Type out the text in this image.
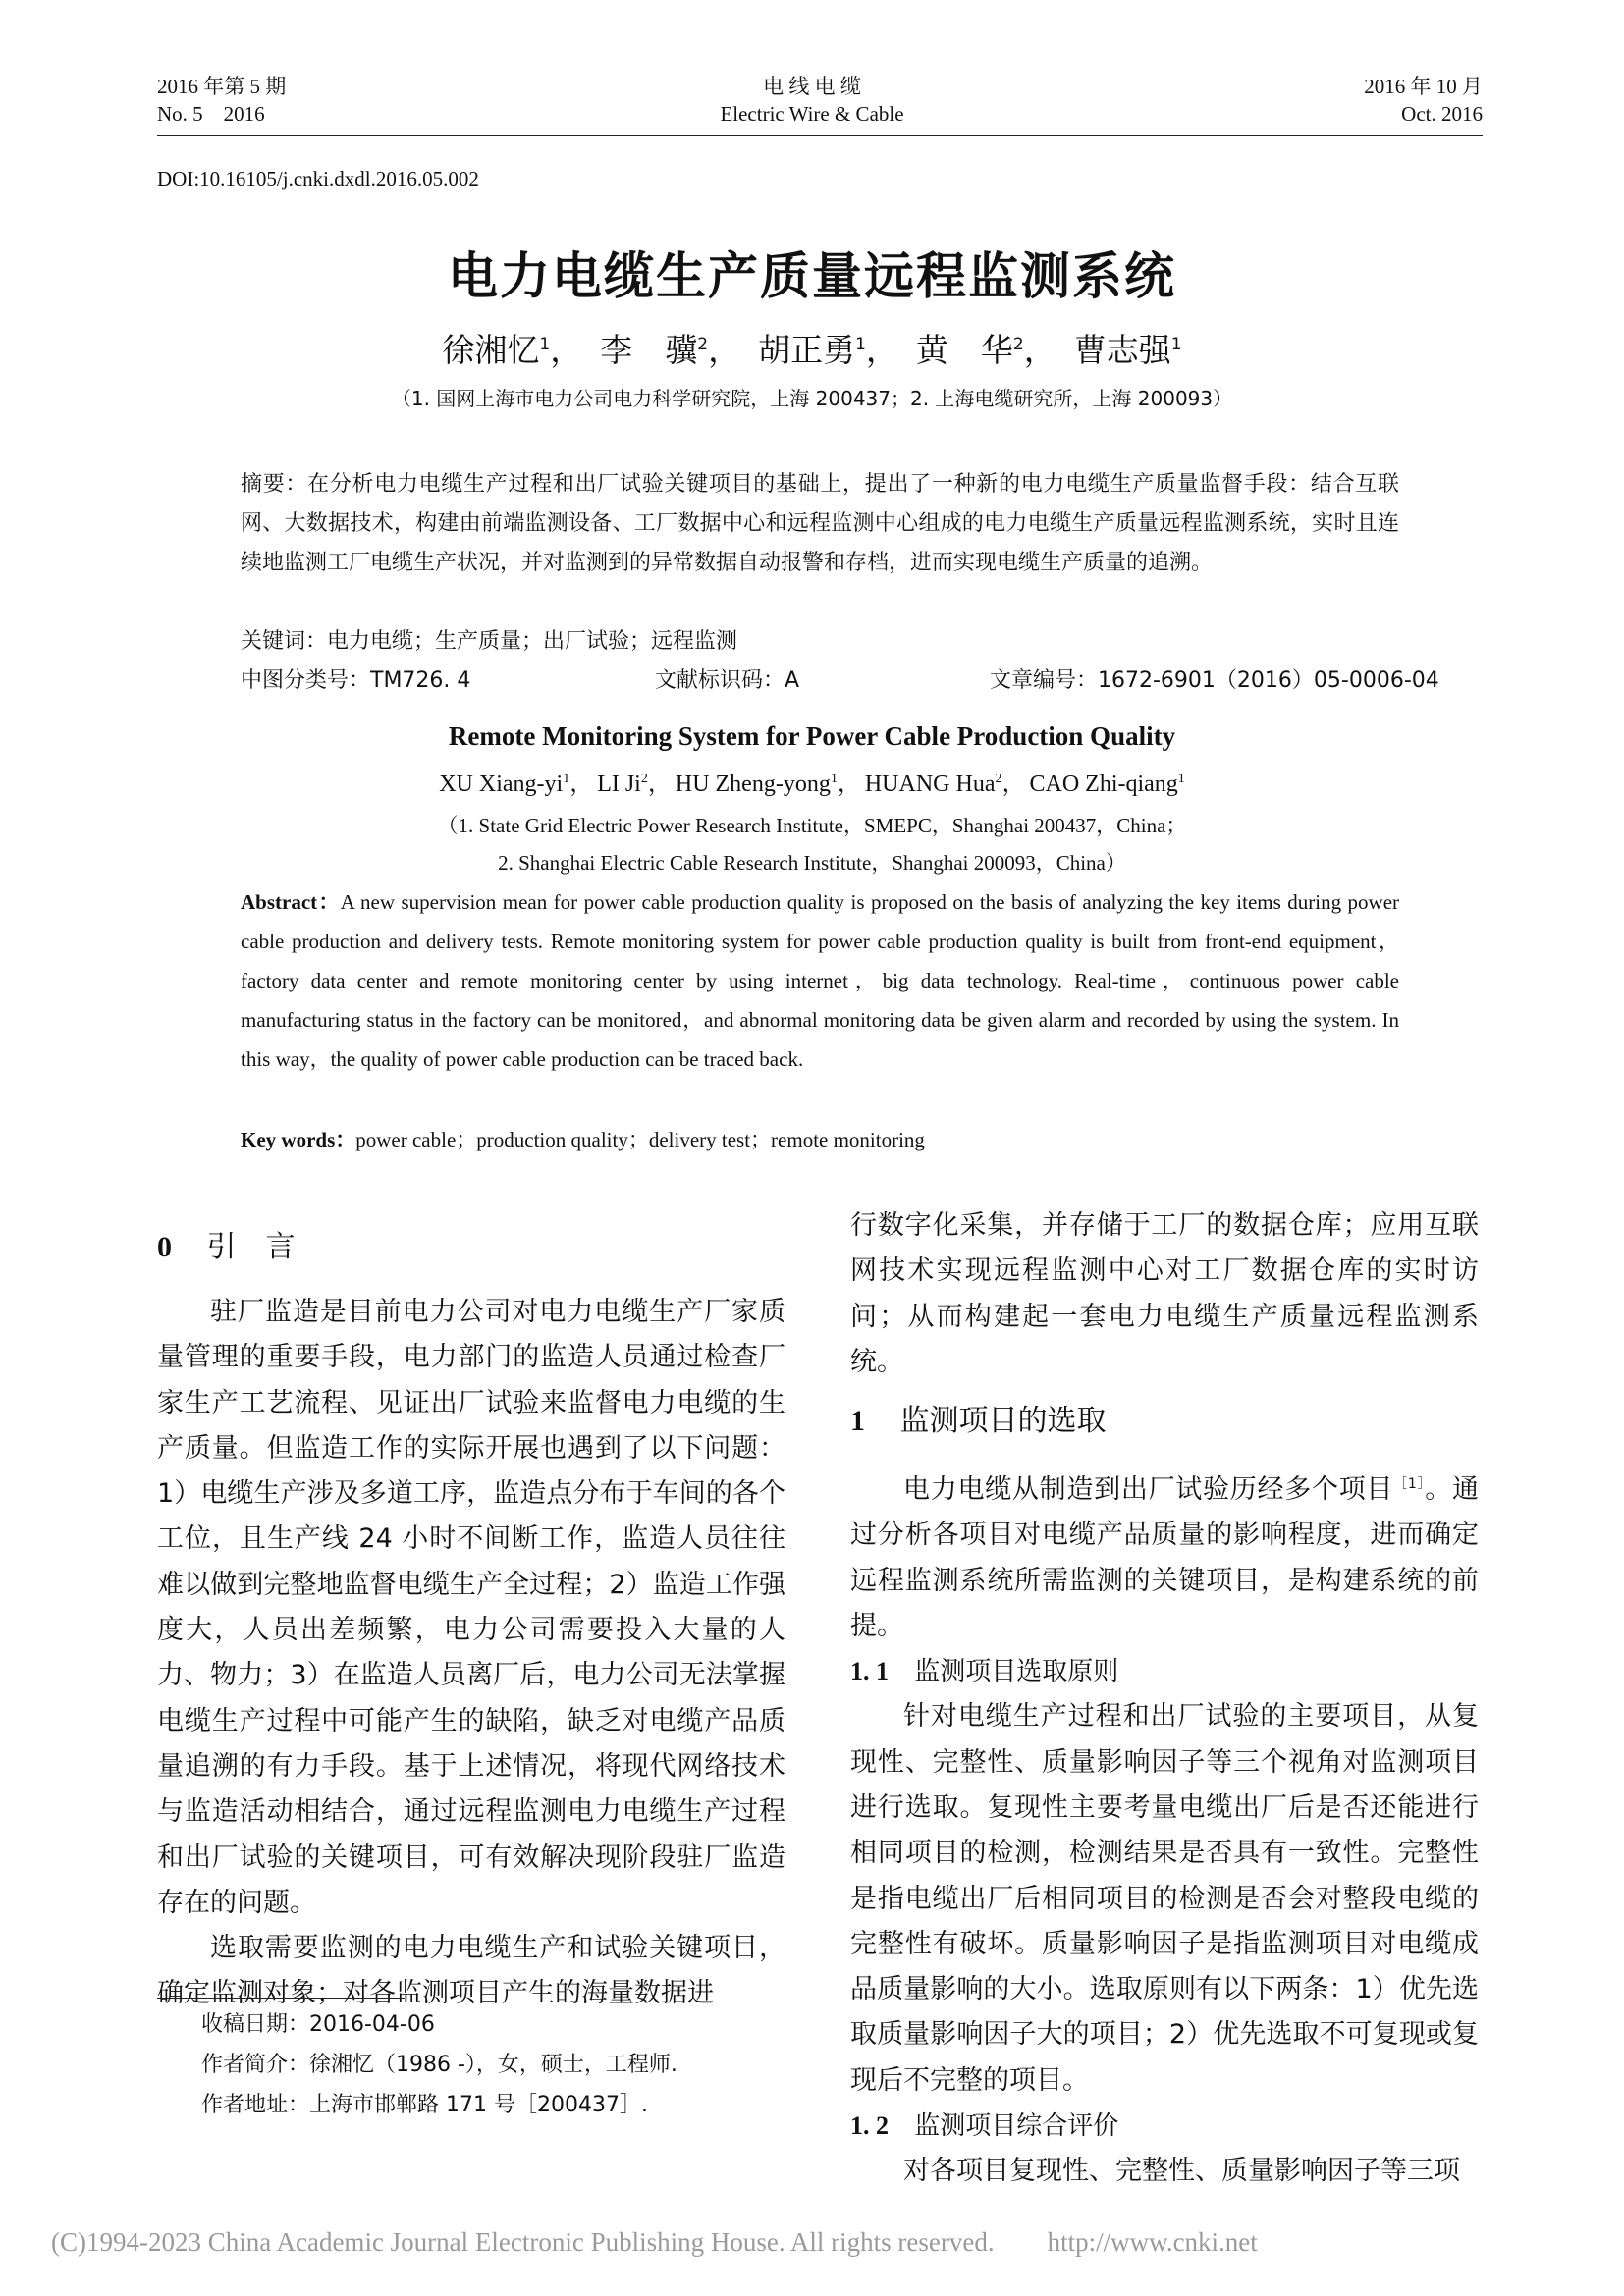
2016 年第 5 期
No. 5　2016
电 线 电 缆
Electric Wire & Cable
2016 年 10 月
Oct. 2016
DOI:10.16105/j.cnki.dxdl.2016.05.002
电力电缆生产质量远程监测系统
徐湘忆$^1$， 李　骥$^2$， 胡正勇$^1$， 黄　华$^2$， 曹志强$^1$
（1. 国网上海市电力公司电力科学研究院，上海 200437；2. 上海电缆研究所，上海 200093）
摘要：在分析电力电缆生产过程和出厂试验关键项目的基础上，提出了一种新的电力电缆生产质量监督手段：结合互联网、大数据技术，构建由前端监测设备、工厂数据中心和远程监测中心组成的电力电缆生产质量远程监测系统，实时且连续地监测工厂电缆生产状况，并对监测到的异常数据自动报警和存档，进而实现电缆生产质量的追溯。
关键词：电力电缆；生产质量；出厂试验；远程监测
中图分类号：TM726. 4	文献标识码：A	文章编号：1672-6901（2016）05-0006-04
Remote Monitoring System for Power Cable Production Quality
XU Xiang-$yi^1$， LI Ji$^2$， HU Zheng-yong$^1$， HUANG Hua$^2$， CAO Zhi-qiang$^1$
（1. State Grid Electric Power Research Institute，SMEPC，Shanghai 200437，China；
2. Shanghai Electric Cable Research Institute，Shanghai 200093，China）
Abstract：A new supervision mean for power cable production quality is proposed on the basis of analyzing the key items during power cable production and delivery tests. Remote monitoring system for power cable production quality is built from front-end equipment，factory data center and remote monitoring center by using internet，big data technology. Real-time，continuous power cable manufacturing status in the factory can be monitored，and abnormal monitoring data be given alarm and recorded by using the system. In this way，the quality of power cable production can be traced back.
Key words：power cable；production quality；delivery test；remote monitoring
0 引　言

驻厂监造是目前电力公司对电力电缆生产厂家质量管理的重要手段，电力部门的监造人员通过检查厂家生产工艺流程、见证出厂试验来监督电力电缆的生产质量。但监造工作的实际开展也遇到了以下问题：1）电缆生产涉及多道工序，监造点分布于车间的各个工位，且生产线 24 小时不间断工作，监造人员往往难以做到完整地监督电缆生产全过程；2）监造工作强度大，人员出差频繁，电力公司需要投入大量的人力、物力；3）在监造人员离厂后，电力公司无法掌握电缆生产过程中可能产生的缺陷，缺乏对电缆产品质量追溯的有力手段。基于上述情况，将现代网络技术与监造活动相结合，通过远程监测电力电缆生产过程和出厂试验的关键项目，可有效解决现阶段驻厂监造存在的问题。

选取需要监测的电力电缆生产和试验关键项目，确定监测对象；对各监测项目产生的海量数据进

收稿日期：2016-04-06
作者简介：徐湘忆（1986 -），女，硕士，工程师.
作者地址：上海市邯郸路 171 号［200437］.

行数字化采集，并存储于工厂的数据仓库；应用互联网技术实现远程监测中心对工厂数据仓库的实时访问；从而构建起一套电力电缆生产质量远程监测系统。

1 监测项目的选取

电力电缆从制造到出厂试验历经多个项目$^{[1]}$。通过分析各项目对电缆产品质量的影响程度，进而确定远程监测系统所需监测的关键项目，是构建系统的前提。

1. 1 监测项目选取原则

针对电缆生产过程和出厂试验的主要项目，从复现性、完整性、质量影响因子等三个视角对监测项目进行选取。复现性主要考量电缆出厂后是否还能进行相同项目的检测，检测结果是否具有一致性。完整性是指电缆出厂后相同项目的检测是否会对整段电缆的完整性有破坏。质量影响因子是指监测项目对电缆成品质量影响的大小。选取原则有以下两条：1）优先选取质量影响因子大的项目；2）优先选取不可复现或复现后不完整的项目。

1. 2 监测项目综合评价

对各项目复现性、完整性、质量影响因子等三项

(C)1994-2023 China Academic Journal Electronic Publishing House. All rights reserved.　　http://www.cnki.net
